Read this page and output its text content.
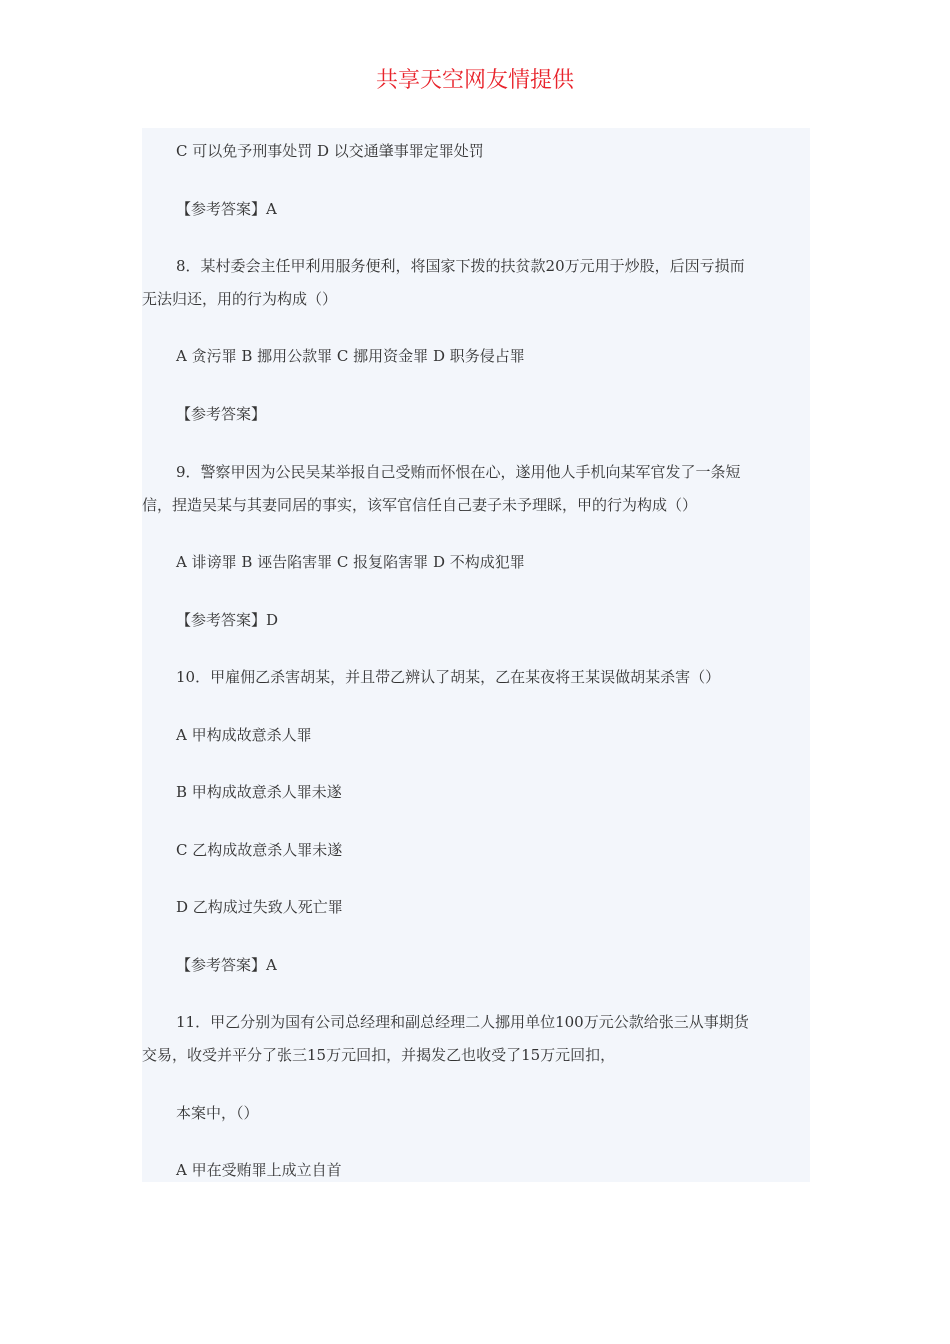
共享天空网友情提供
C 可以免予刑事处罚 D 以交通肇事罪定罪处罚
【参考答案】A
8．某村委会主任甲利用服务便利，将国家下拨的扶贫款20万元用于炒股，后因亏损而
无法归还，用的行为构成（）
A 贪污罪 B 挪用公款罪 C 挪用资金罪 D 职务侵占罪
【参考答案】
9．警察甲因为公民吴某举报自己受贿而怀恨在心，遂用他人手机向某军官发了一条短
信，捏造吴某与其妻同居的事实，该军官信任自己妻子未予理睬，甲的行为构成（）
A 诽谤罪 B 诬告陷害罪 C 报复陷害罪 D 不构成犯罪
【参考答案】D
10．甲雇佣乙杀害胡某，并且带乙辨认了胡某，乙在某夜将王某误做胡某杀害（）
A 甲构成故意杀人罪
B 甲构成故意杀人罪未遂
C 乙构成故意杀人罪未遂
D 乙构成过失致人死亡罪
【参考答案】A
11．甲乙分别为国有公司总经理和副总经理二人挪用单位100万元公款给张三从事期货
交易，收受并平分了张三15万元回扣，并揭发乙也收受了15万元回扣，
本案中，（）
A 甲在受贿罪上成立自首
